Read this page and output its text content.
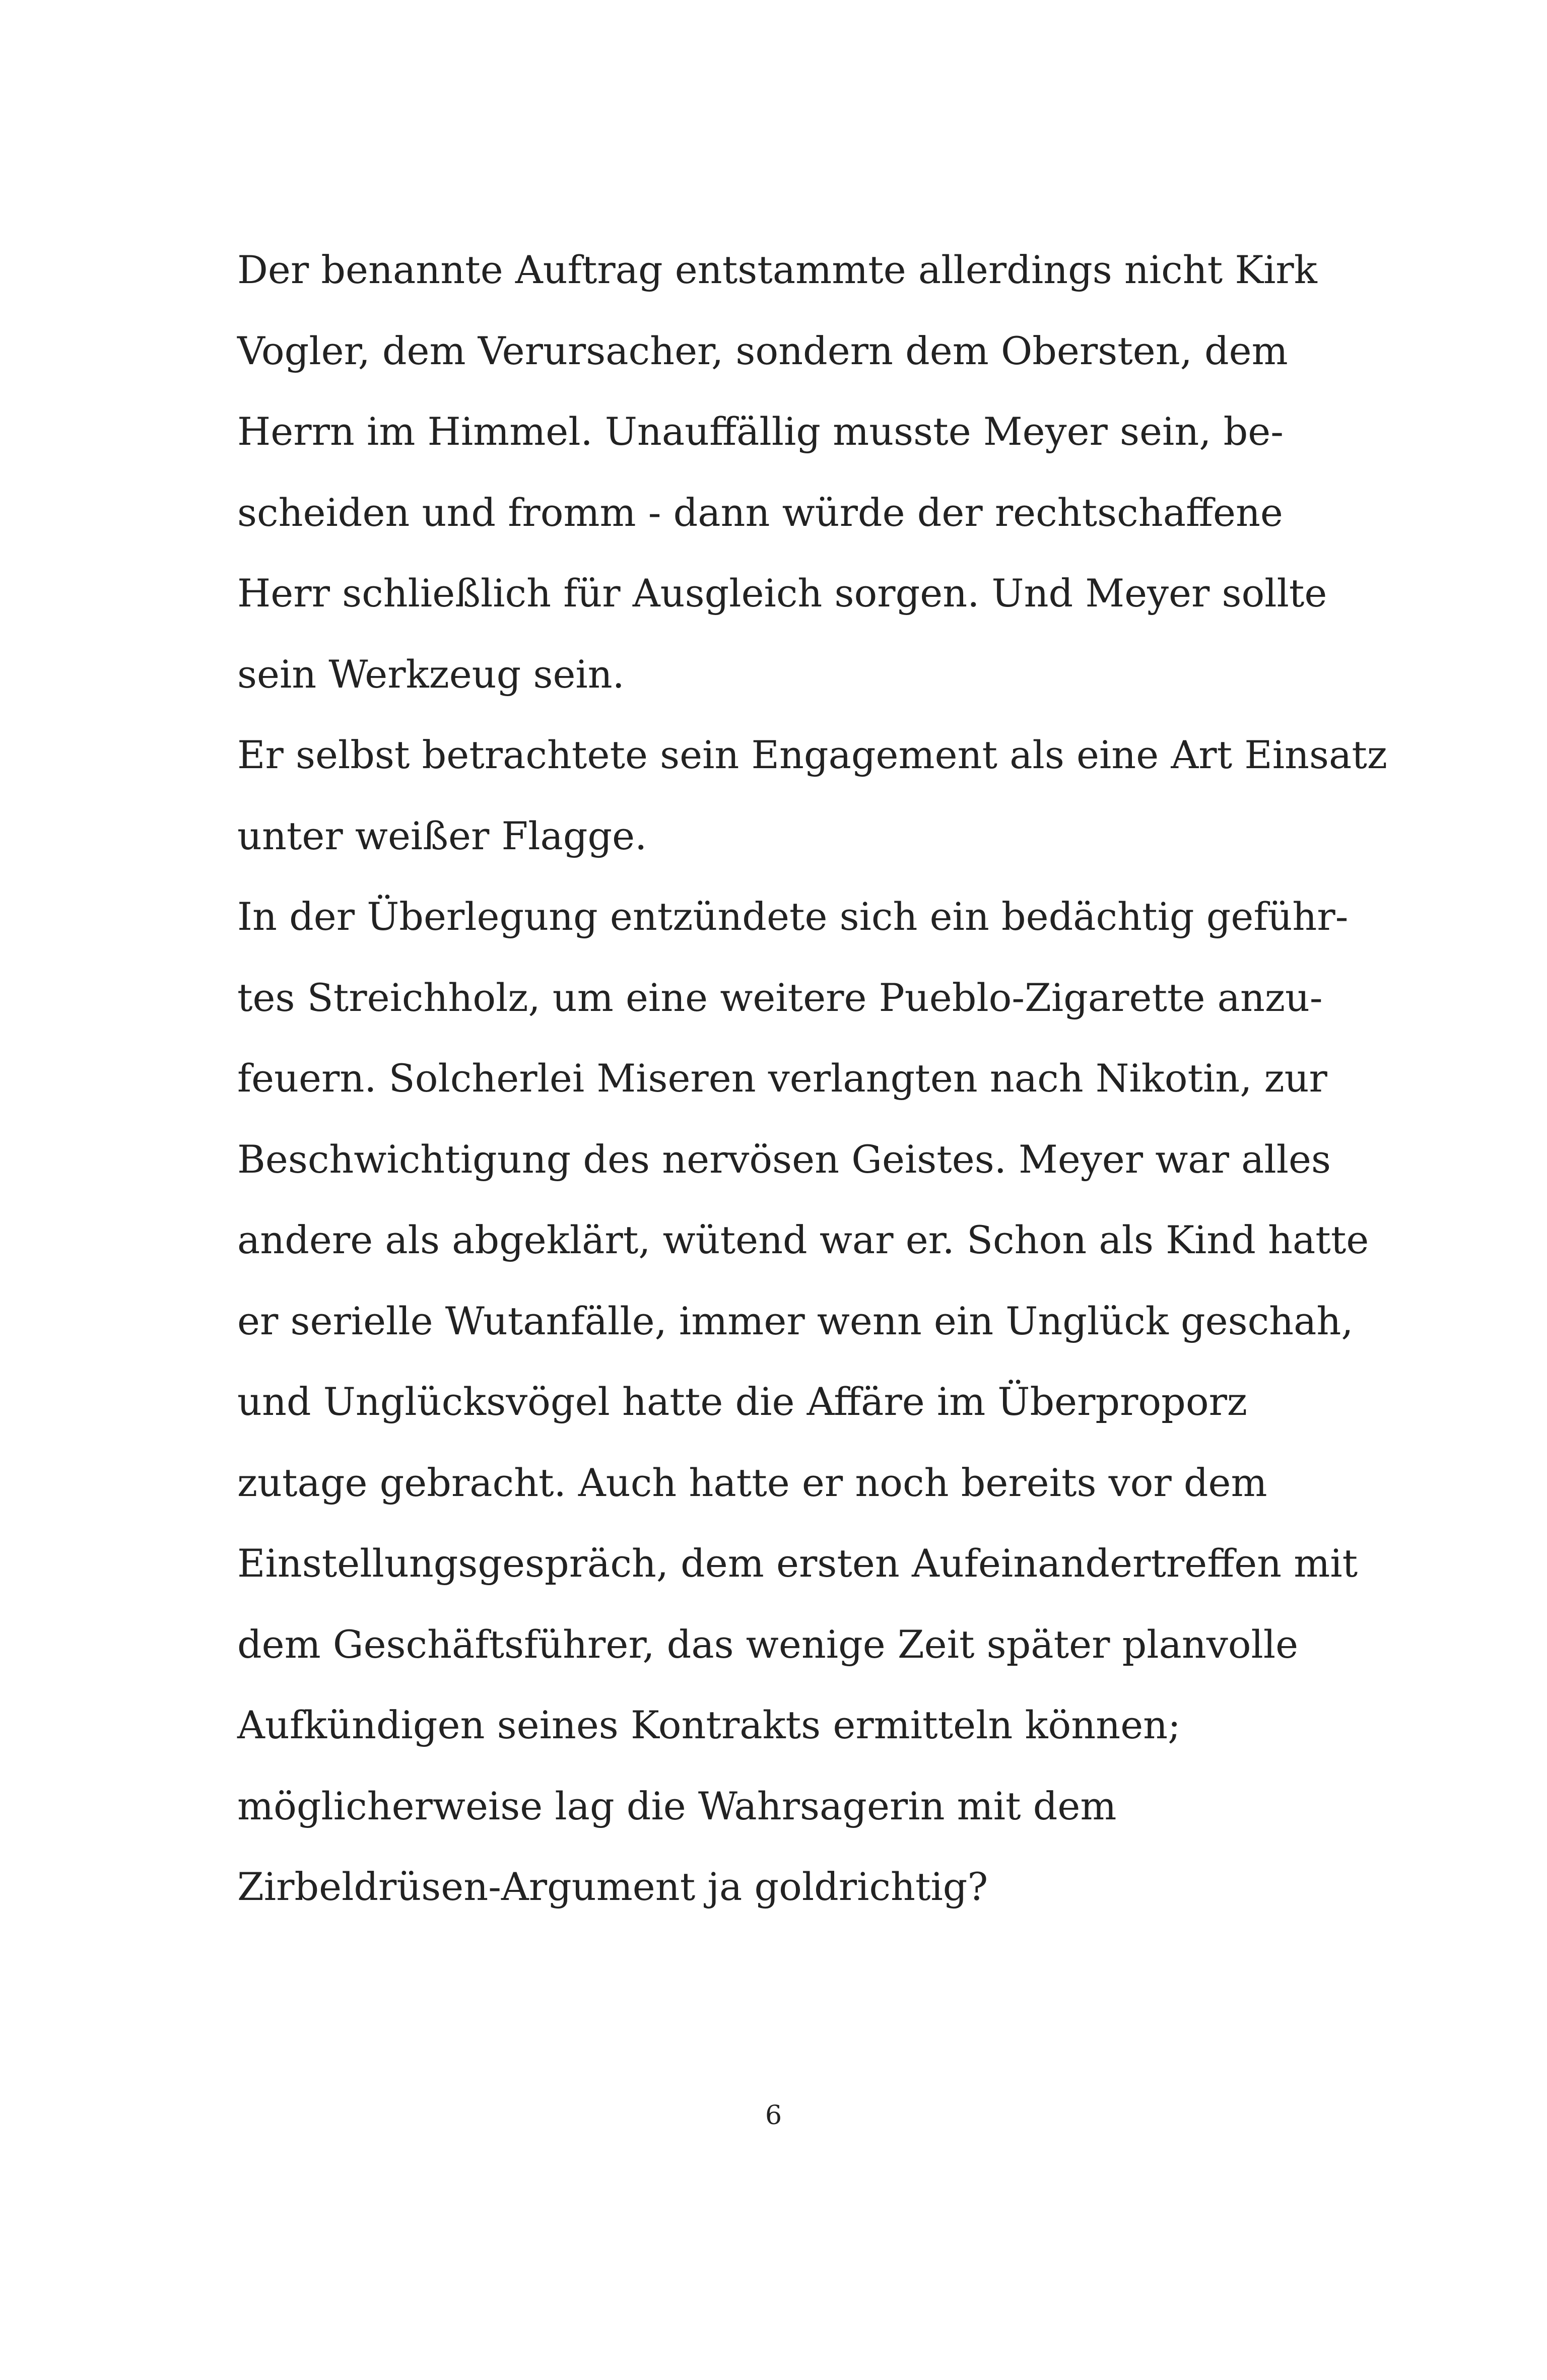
Der benannte Auftrag entstammte allerdings nicht Kirk
Vogler, dem Verursacher, sondern dem Obersten, dem
Herrn im Himmel. Unauffällig musste Meyer sein, be-
scheiden und fromm - dann würde der rechtschaffene
Herr schließlich für Ausgleich sorgen. Und Meyer sollte
sein Werkzeug sein.
Er selbst betrachtete sein Engagement als eine Art Einsatz
unter weißer Flagge.
In der Überlegung entzündete sich ein bedächtig geführ-
tes Streichholz, um eine weitere Pueblo-Zigarette anzu-
feuern. Solcherlei Miseren verlangten nach Nikotin, zur
Beschwichtigung des nervösen Geistes. Meyer war alles
andere als abgeklärt, wütend war er. Schon als Kind hatte
er serielle Wutanfälle, immer wenn ein Unglück geschah,
und Unglücksvögel hatte die Affäre im Überproporz
zutage gebracht. Auch hatte er noch bereits vor dem
Einstellungsgespräch, dem ersten Aufeinandertreffen mit
dem Geschäftsführer, das wenige Zeit später planvolle
Aufkündigen seines Kontrakts ermitteln können;
möglicherweise lag die Wahrsagerin mit dem
Zirbeldrüsen-Argument ja goldrichtig?
6
